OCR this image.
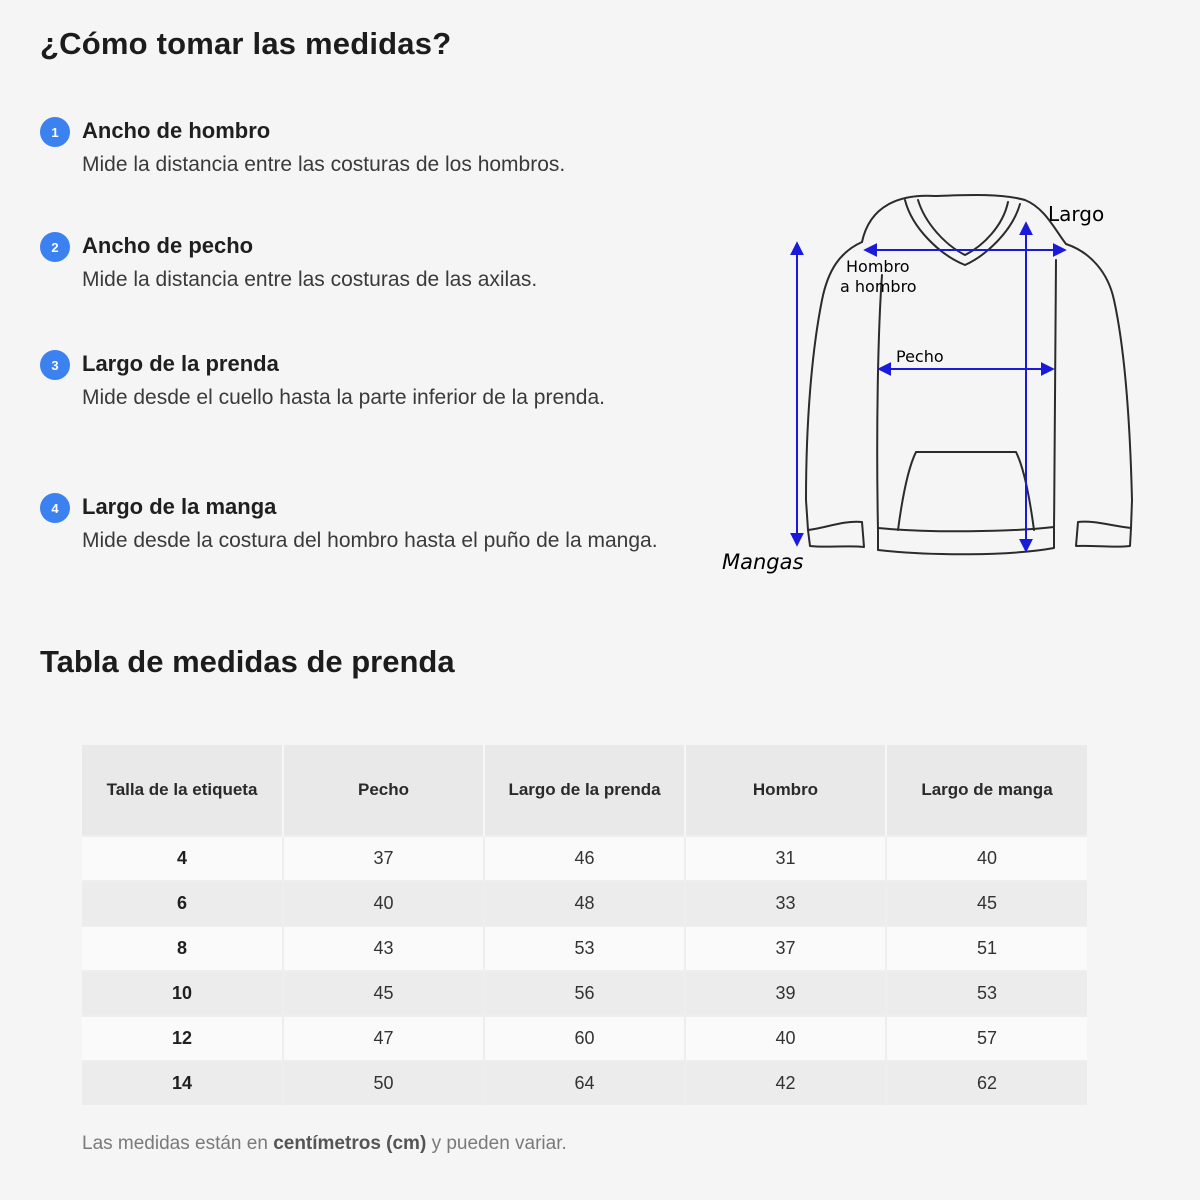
¿Cómo tomar las medidas?
1	Ancho de hombro
Mide la distancia entre las costuras de los hombros.
2	Ancho de pecho
Mide la distancia entre las costuras de las axilas.
3	Largo de la prenda
Mide desde el cuello hasta la parte inferior de la prenda.
4	Largo de la manga
Mide desde la costura del hombro hasta el puño de la manga.
Largo
Hombro
a hombro
Pecho
Mangas
Tabla de medidas de prenda
Talla de la etiqueta	Pecho	Largo de la prenda	Hombro	Largo de manga
4	37	46	31	40
6	40	48	33	45
8	43	53	37	51
10	45	56	39	53
12	47	60	40	57
14	50	64	42	62
Las medidas están en centímetros (cm) y pueden variar.
